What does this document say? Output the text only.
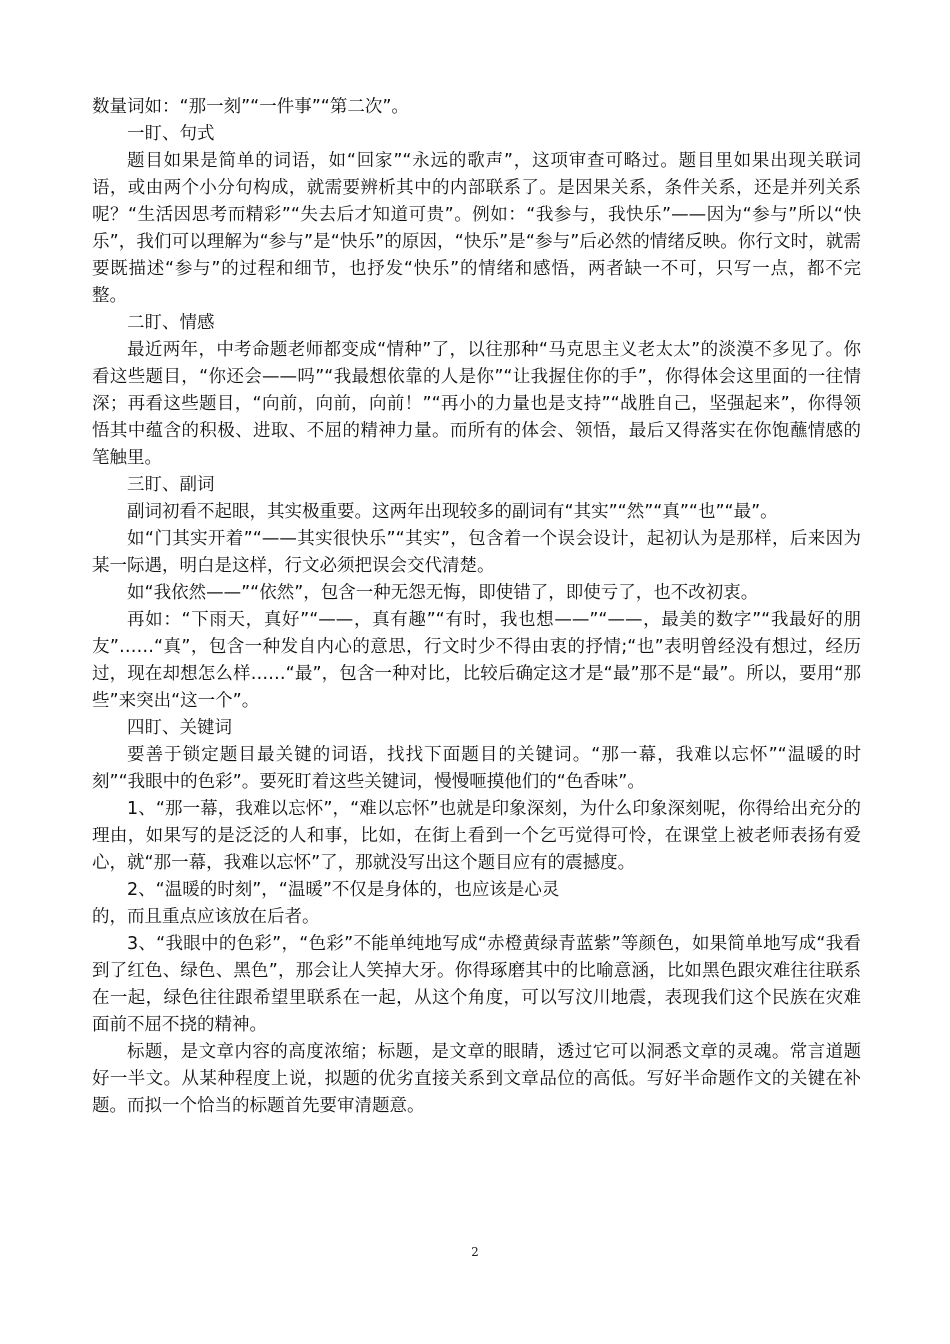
数量词如：“那一刻”“一件事”“第二次”。

一盯、句式

题目如果是简单的词语，如“回家”“永远的歌声”，这项审查可略过。题目里如果出现关联词语，或由两个小分句构成，就需要辨析其中的内部联系了。是因果关系，条件关系，还是并列关系呢？“生活因思考而精彩”“失去后才知道可贵”。例如：“我参与，我快乐”——因为“参与”所以“快乐”，我们可以理解为“参与”是“快乐”的原因，“快乐”是“参与”后必然的情绪反映。你行文时，就需要既描述“参与”的过程和细节，也抒发“快乐”的情绪和感悟，两者缺一不可，只写一点，都不完整。

二盯、情感

最近两年，中考命题老师都变成“情种”了，以往那种“马克思主义老太太”的淡漠不多见了。你看这些题目，“你还会——吗”“我最想依靠的人是你”“让我握住你的手”，你得体会这里面的一往情深；再看这些题目，“向前，向前，向前！”“再小的力量也是支持”“战胜自己，坚强起来”，你得领悟其中蕴含的积极、进取、不屈的精神力量。而所有的体会、领悟，最后又得落实在你饱蘸情感的笔触里。

三盯、副词

副词初看不起眼，其实极重要。这两年出现较多的副词有“其实”“然”“真”“也”“最”。

如“门其实开着”“——其实很快乐”“其实”，包含着一个误会设计，起初认为是那样，后来因为某一际遇，明白是这样，行文必须把误会交代清楚。

如“我依然——”“依然”，包含一种无怨无悔，即使错了，即使亏了，也不改初衷。

再如：“下雨天，真好”“——，真有趣”“有时，我也想——”“——，最美的数字”“我最好的朋友”……“真”，包含一种发自内心的意思，行文时少不得由衷的抒情;“也”表明曾经没有想过，经历过，现在却想怎么样……“最”，包含一种对比，比较后确定这才是“最”那不是“最”。所以，要用“那些”来突出“这一个”。

四盯、关键词

要善于锁定题目最关键的词语，找找下面题目的关键词。“那一幕，我难以忘怀”“温暖的时刻”“我眼中的色彩”。要死盯着这些关键词，慢慢咂摸他们的“色香味”。

1、“那一幕，我难以忘怀”，“难以忘怀”也就是印象深刻，为什么印象深刻呢，你得给出充分的理由，如果写的是泛泛的人和事，比如，在街上看到一个乞丐觉得可怜，在课堂上被老师表扬有爱心，就“那一幕，我难以忘怀”了，那就没写出这个题目应有的震撼度。

2、“温暖的时刻”，“温暖”不仅是身体的，也应该是心灵

的，而且重点应该放在后者。

3、“我眼中的色彩”，“色彩”不能单纯地写成“赤橙黄绿青蓝紫”等颜色，如果简单地写成“我看到了红色、绿色、黑色”，那会让人笑掉大牙。你得琢磨其中的比喻意涵，比如黑色跟灾难往往联系在一起，绿色往往跟希望里联系在一起，从这个角度，可以写汶川地震，表现我们这个民族在灾难面前不屈不挠的精神。

标题，是文章内容的高度浓缩；标题，是文章的眼睛，透过它可以洞悉文章的灵魂。常言道题好一半文。从某种程度上说，拟题的优劣直接关系到文章品位的高低。写好半命题作文的关键在补题。而拟一个恰当的标题首先要审清题意。

2
